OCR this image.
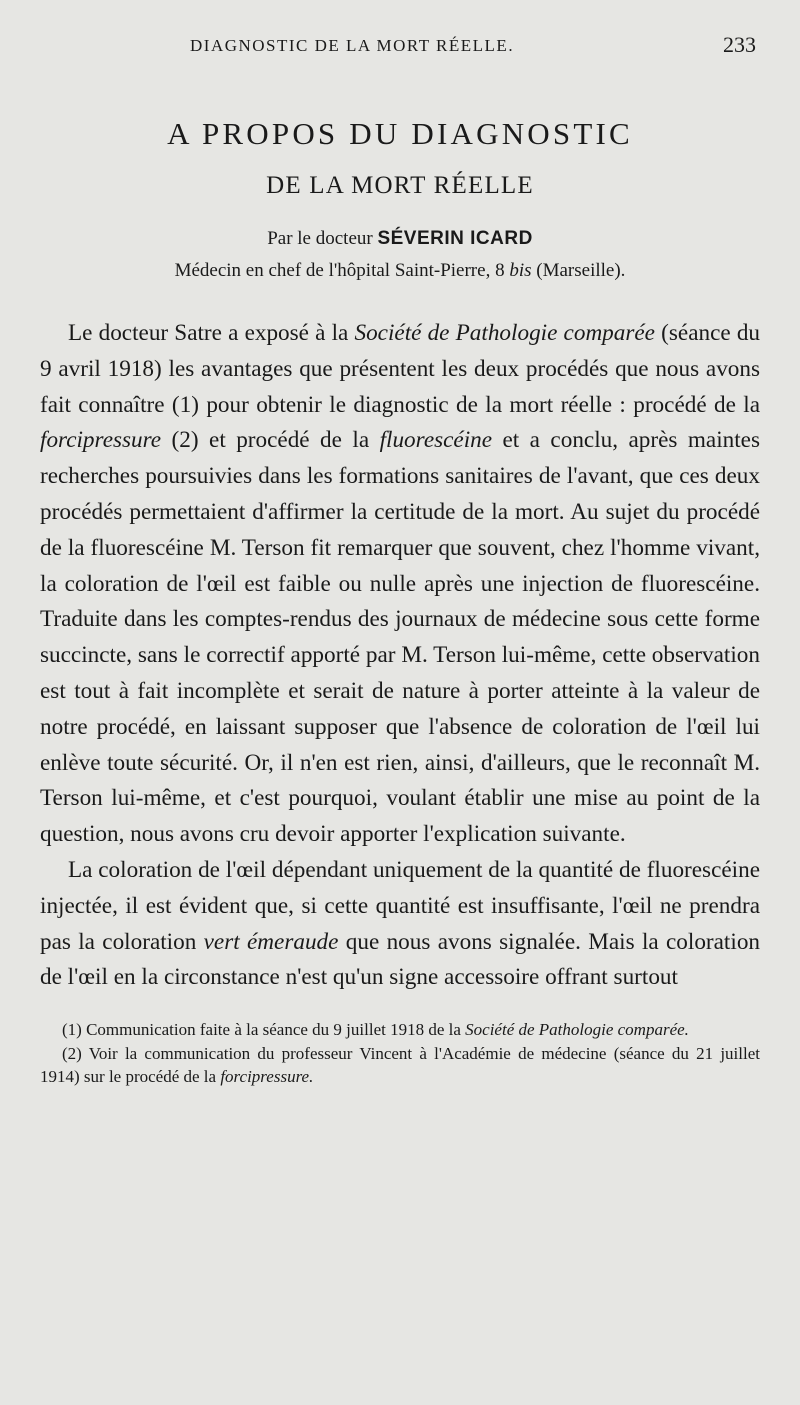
DIAGNOSTIC DE LA MORT RÉELLE.	233
A PROPOS DU DIAGNOSTIC
DE LA MORT RÉELLE
Par le docteur SÉVERIN ICARD
Médecin en chef de l'hôpital Saint-Pierre, 8 bis (Marseille).

Le docteur Satre a exposé à la Société de Pathologie comparée (séance du 9 avril 1918) les avantages que présentent les deux procédés que nous avons fait connaître (1) pour obtenir le diagnostic de la mort réelle : procédé de la forcipressure (2) et procédé de la fluorescéine et a conclu, après maintes recherches poursuivies dans les formations sanitaires de l'avant, que ces deux procédés permettaient d'affirmer la certitude de la mort. Au sujet du procédé de la fluorescéine M. Terson fit remarquer que souvent, chez l'homme vivant, la coloration de l'œil est faible ou nulle après une injection de fluorescéine. Traduite dans les comptes-rendus des journaux de médecine sous cette forme succincte, sans le correctif apporté par M. Terson lui-même, cette observation est tout à fait incomplète et serait de nature à porter atteinte à la valeur de notre procédé, en laissant supposer que l'absence de coloration de l'œil lui enlève toute sécurité. Or, il n'en est rien, ainsi, d'ailleurs, que le reconnaît M. Terson lui-même, et c'est pourquoi, voulant établir une mise au point de la question, nous avons cru devoir apporter l'explication suivante.

La coloration de l'œil dépendant uniquement de la quantité de fluorescéine injectée, il est évident que, si cette quantité est insuffisante, l'œil ne prendra pas la coloration vert émeraude que nous avons signalée. Mais la coloration de l'œil en la circonstance n'est qu'un signe accessoire offrant surtout

(1) Communication faite à la séance du 9 juillet 1918 de la Société de Pathologie comparée.

(2) Voir la communication du professeur Vincent à l'Académie de médecine (séance du 21 juillet 1914) sur le procédé de la forcipressure.
